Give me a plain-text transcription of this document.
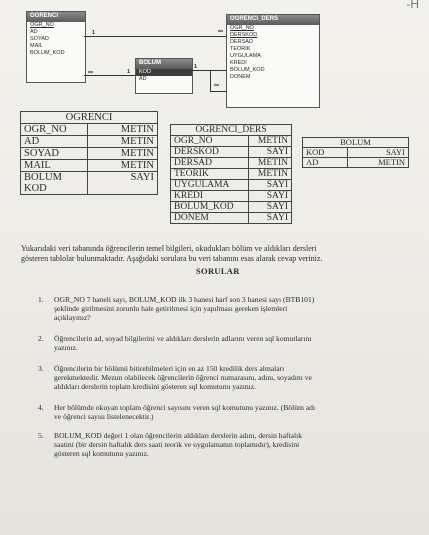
-H
OGRENCI
OGR_NO
AD
SOYAD
MAIL
BOLUM_KOD
BOLUM
KOD
AD
OGRENCI_DERS
OGR_NO
DERSKOD
DERSAD
TEORIK
UYGULAMA
KREDI
BOLUM_KOD
DONEM
1	∞
1
∞
1
∞
OGRENCI	
OGR_NO	METIN
AD	METIN
SOYAD	METIN
MAIL	METIN
BOLUM KOD	SAYI
OGRENCI_DERS	
OGR_NO	METIN
DERSKOD	SAYI
DERSAD	METIN
TEORIK	METIN
UYGULAMA	SAYI
KREDI	SAYI
BOLUM_KOD	SAYI
DONEM	SAYI
BOLUM	
KOD	SAYI
AD	METIN
Yukarıdaki veri tabanında öğrencilerin temel bilgileri, okudukları bölüm ve aldıkları dersleri
gösteren tablolar bulunmaktadır. Aşağıdaki sorulara bu veri tabanını esas alarak cevap veriniz.
SORULAR
1. OGR_NO 7 haneli sayı, BOLUM_KOD ilk 3 hanesi harf son 3 hanesi sayı (BTB101)
şeklinde girilmesini zorunlu hale getirilmesi için yapılması gereken işlemleri
açıklayınız?
2. Öğrencilerin ad, soyad bilgilerini ve aldıkları derslerin adlarını veren sql komutlarını
yazınız.
3. Öğrencilerin bir bölümü bitirebilmeleri için en az 150 kredilik ders almaları
gerekmektedir. Mezun olabilecek öğrencilerin öğrenci numarasını, adını, soyadını ve
aldıkları derslerin toplam kredisini gösteren sql komutunu yazınız.
4. Her bölümde okuyan toplam öğrenci sayısını veren sql komutunu yazınız. (Bölüm adı
ve öğrenci sayısı listelenecektir.)
5. BOLUM_KOD değeri 1 olan öğrencilerin aldıkları derslerin adını, dersin haftalık
saatini (bir dersin haftalık ders saati teorik ve uygulamanın toplamıdır), kredisini
gösteren sql komutunu yazınız.
